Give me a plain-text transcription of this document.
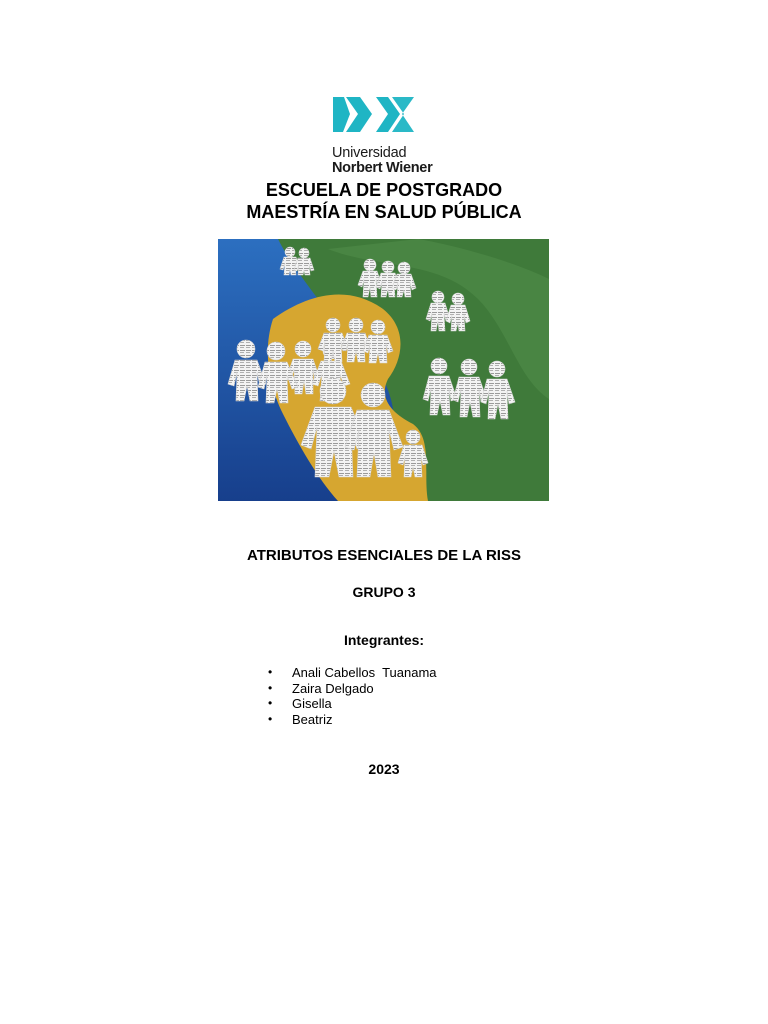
Universidad
Norbert Wiener
ESCUELA DE POSTGRADO
MAESTRÍA EN SALUD PÚBLICA
ATRIBUTOS ESENCIALES DE LA RISS
GRUPO 3
Integrantes:
• Anali Cabellos  Tuanama
• Zaira Delgado
• Gisella
• Beatriz
2023
